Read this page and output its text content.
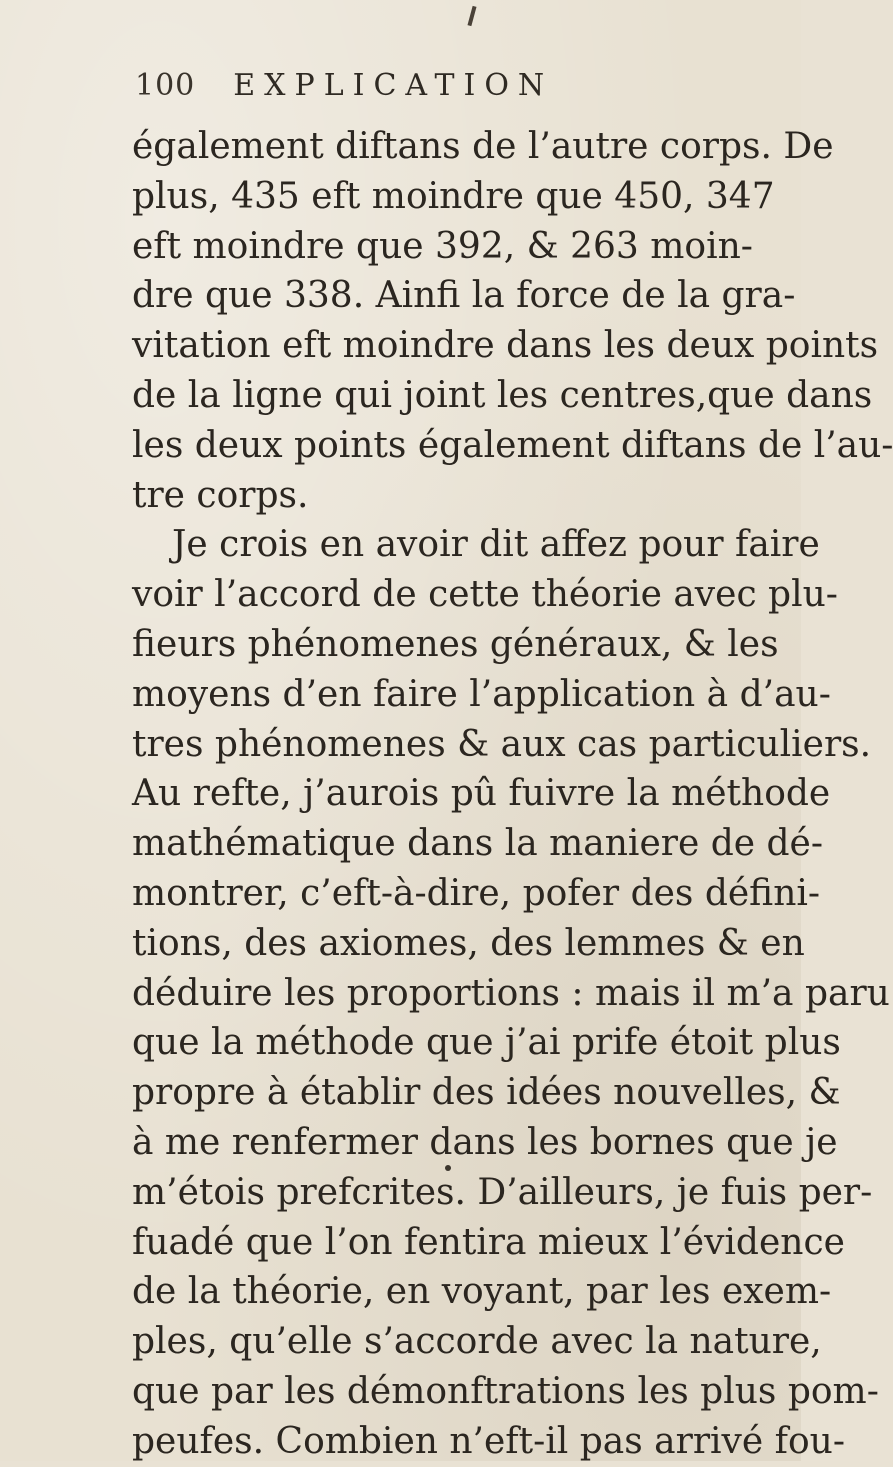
100 EXPLICATION
également diftans de l’autre corps. De
plus, 435 eft moindre que 450, 347
eft moindre que 392, & 263 moin-
dre que 338. Ainfi la force de la gra-
vitation eft moindre dans les deux points
de la ligne qui joint les centres,que dans
les deux points également diftans de l’au-
tre corps.
Je crois en avoir dit affez pour faire
voir l’accord de cette théorie avec plu-
fieurs phénomenes généraux, & les
moyens d’en faire l’application à d’au-
tres phénomenes & aux cas particuliers.
Au refte, j’aurois pû fuivre la méthode
mathématique dans la maniere de dé-
montrer, c’eft-à-dire, pofer des défini-
tions, des axiomes, des lemmes & en
déduire les proportions : mais il m’a paru
que la méthode que j’ai prife étoit plus
propre à établir des idées nouvelles, &
à me renfermer dans les bornes que je
m’étois prefcrites. D’ailleurs, je fuis per-
fuadé que l’on fentira mieux l’évidence
de la théorie, en voyant, par les exem-
ples, qu’elle s’accorde avec la nature,
que par les démonftrations les plus pom-
peufes. Combien n’eft-il pas arrivé fou-
